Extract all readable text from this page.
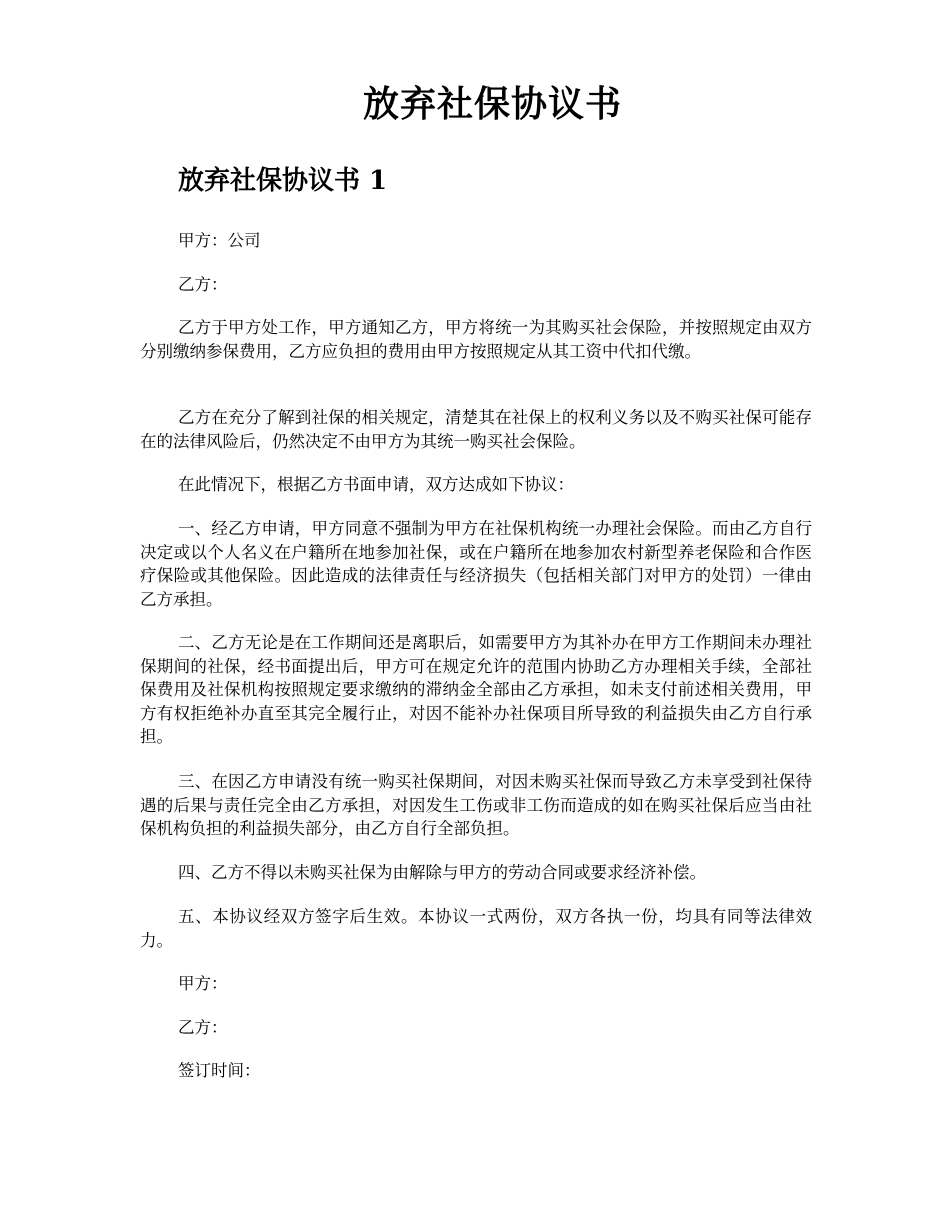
放弃社保协议书
放弃社保协议书 1

甲方：公司

乙方：

乙方于甲方处工作，甲方通知乙方，甲方将统一为其购买社会保险，并按照规定由双方分别缴纳参保费用，乙方应负担的费用由甲方按照规定从其工资中代扣代缴。

乙方在充分了解到社保的相关规定，清楚其在社保上的权利义务以及不购买社保可能存在的法律风险后，仍然决定不由甲方为其统一购买社会保险。

在此情况下，根据乙方书面申请，双方达成如下协议：

一、经乙方申请，甲方同意不强制为甲方在社保机构统一办理社会保险。而由乙方自行决定或以个人名义在户籍所在地参加社保，或在户籍所在地参加农村新型养老保险和合作医疗保险或其他保险。因此造成的法律责任与经济损失（包括相关部门对甲方的处罚）一律由乙方承担。

二、乙方无论是在工作期间还是离职后，如需要甲方为其补办在甲方工作期间未办理社保期间的社保，经书面提出后，甲方可在规定允许的范围内协助乙方办理相关手续，全部社保费用及社保机构按照规定要求缴纳的滞纳金全部由乙方承担，如未支付前述相关费用，甲方有权拒绝补办直至其完全履行止，对因不能补办社保项目所导致的利益损失由乙方自行承担。

三、在因乙方申请没有统一购买社保期间，对因未购买社保而导致乙方未享受到社保待遇的后果与责任完全由乙方承担，对因发生工伤或非工伤而造成的如在购买社保后应当由社保机构负担的利益损失部分，由乙方自行全部负担。

四、乙方不得以未购买社保为由解除与甲方的劳动合同或要求经济补偿。

五、本协议经双方签字后生效。本协议一式两份，双方各执一份，均具有同等法律效力。

甲方：

乙方：

签订时间：
